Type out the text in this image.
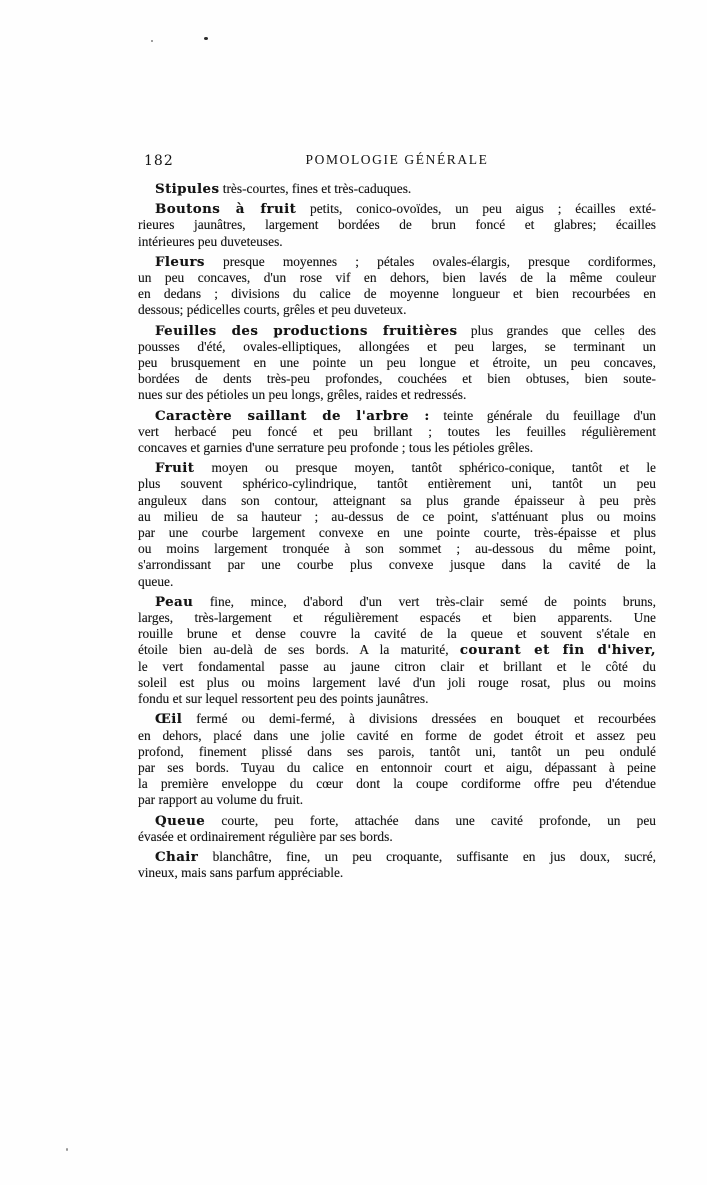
182	POMOLOGIE GÉNÉRALE
Stipules très-courtes, fines et très-caduques.
Boutons à fruit petits, conico-ovoïdes, un peu aigus ; écailles exté-
rieures jaunâtres, largement bordées de brun foncé et glabres; écailles
intérieures peu duveteuses.
Fleurs presque moyennes ; pétales ovales-élargis, presque cordiformes,
un peu concaves, d'un rose vif en dehors, bien lavés de la même couleur
en dedans ; divisions du calice de moyenne longueur et bien recourbées en
dessous; pédicelles courts, grêles et peu duveteux.
Feuilles des productions fruitières plus grandes que celles des
pousses d'été, ovales-elliptiques, allongées et peu larges, se terminant un
peu brusquement en une pointe un peu longue et étroite, un peu concaves,
bordées de dents très-peu profondes, couchées et bien obtuses, bien soute-
nues sur des pétioles un peu longs, grêles, raides et redressés.
Caractère saillant de l'arbre : teinte générale du feuillage d'un
vert herbacé peu foncé et peu brillant ; toutes les feuilles régulièrement
concaves et garnies d'une serrature peu profonde ; tous les pétioles grêles.
Fruit moyen ou presque moyen, tantôt sphérico-conique, tantôt et le
plus souvent sphérico-cylindrique, tantôt entièrement uni, tantôt un peu
anguleux dans son contour, atteignant sa plus grande épaisseur à peu près
au milieu de sa hauteur ; au-dessus de ce point, s'atténuant plus ou moins
par une courbe largement convexe en une pointe courte, très-épaisse et plus
ou moins largement tronquée à son sommet ; au-dessous du même point,
s'arrondissant par une courbe plus convexe jusque dans la cavité de la
queue.
Peau fine, mince, d'abord d'un vert très-clair semé de points bruns,
larges, très-largement et régulièrement espacés et bien apparents. Une
rouille brune et dense couvre la cavité de la queue et souvent s'étale en
étoile bien au-delà de ses bords. A la maturité, courant et fin d'hiver,
le vert fondamental passe au jaune citron clair et brillant et le côté du
soleil est plus ou moins largement lavé d'un joli rouge rosat, plus ou moins
fondu et sur lequel ressortent peu des points jaunâtres.
Œil fermé ou demi-fermé, à divisions dressées en bouquet et recourbées
en dehors, placé dans une jolie cavité en forme de godet étroit et assez peu
profond, finement plissé dans ses parois, tantôt uni, tantôt un peu ondulé
par ses bords. Tuyau du calice en entonnoir court et aigu, dépassant à peine
la première enveloppe du cœur dont la coupe cordiforme offre peu d'étendue
par rapport au volume du fruit.
Queue courte, peu forte, attachée dans une cavité profonde, un peu
évasée et ordinairement régulière par ses bords.
Chair blanchâtre, fine, un peu croquante, suffisante en jus doux, sucré,
vineux, mais sans parfum appréciable.
